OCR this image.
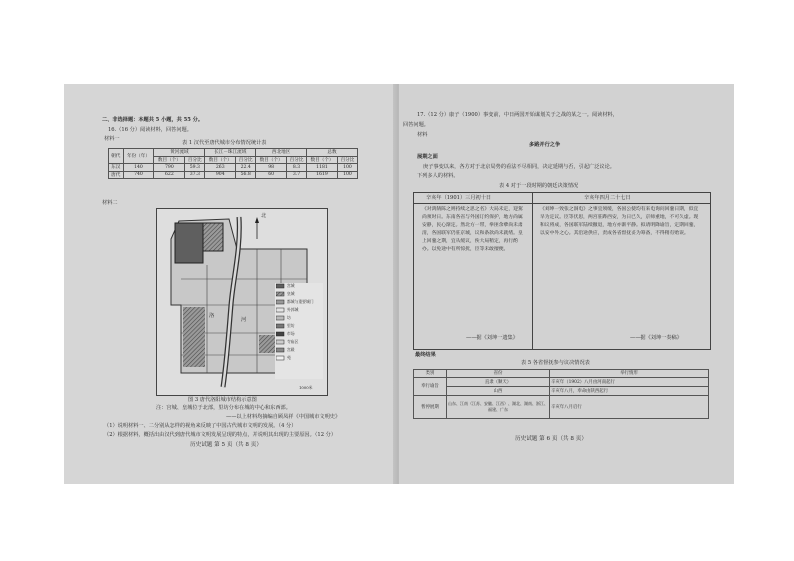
二、非选择题：本题共 5 小题，共 55 分。
16.（16 分）阅读材料，回答问题。
材料一
表 1 汉代至唐代城市分布情况统计表
朝代	年份（年）	黄河流域		长江－珠江流域		西北地区		总数	
		数目（个）	百分比	数目（个）	百分比	数目（个）	百分比	数目（个）	百分比
东汉	140	790	59.3	263	22.4	98	8.3	1181	100
唐代	740	622	37.3	904	56.8	60	3.7	1619	100
材料二
北
洛
河
宫城
皇城
都城与重要城门
外郭城
坊
里坊
市场
寺庙区
宫殿
苑
1000米
图 3 唐代洛阳城市结构示意图
注：宫城、皇城位于北部，里坊分布在城的中心和东西部。
——以上材料均摘编自顾凤祥《中国城市文明史》
（1）说明材料一、二分别从怎样的视角来反映了中国古代城市文明的发展。（4 分）
（2）根据材料，概括出由汉代到唐代城市文明发展呈现的特点，并说明其出现的主要原因。（12 分）
历史试题 第 5 页（共 8 页）
17.（12 分）康子（1900）事变前，中日两国开始谋划关于之战的某之一。阅读材料，
回答问题。
材料
多路并行之争
展期之面
庚子事变以来，各方对于北京局势的看法不尽相同，决定延期与否，引起广泛议论。
下列多人的材料。
表 4 对于一段时期的朝廷决策情况
辛亥年（1901）三月初十日	辛亥年四月二十七日
《对鸿鹄陈之则持续之思之名》大局未定，迎駕尚须时日。东南各省与外国订约保护，地方尚属安静，民心渐定。然北方一带，拳匪余孽尚未肃清，各国联军仍驻京城，议和条款尚未就绪。皇上回銮之期，宜从缓议，俟大局稍定，再行酌办。以免途中有所惊扰，臣等未敢擅便。
——据《刘坤一遗集》
《刘坤一致张之洞电》之事宜须缓，各国公使均有来电询问回銮日期，似宜早为定议。臣等伏思，两宫驻跸西安，为日已久，京师重地，不可久虚。现和议将成，各国联军陆续撤退，地方亦渐平静。拟请明降谕旨，定期回銮，以安中外之心。其沿途供应，责成各省督抚妥为筹备，不得稍有贻误。
——据《刘坤一奏稿》
最终结果
表 5 各省督抚参与议决情况表
类别	省份	举行情形
奉行谕旨	直隶（顺天）	辛亥年（1902）八月由河南起行
	山西	辛亥年八月，奉命由陕西起行
暂停展期	山东、江南（江苏、安徽、江西）、湖北、湖南、浙江、福建、广东	辛亥年八月启行
历史试题 第 6 页（共 8 页）
